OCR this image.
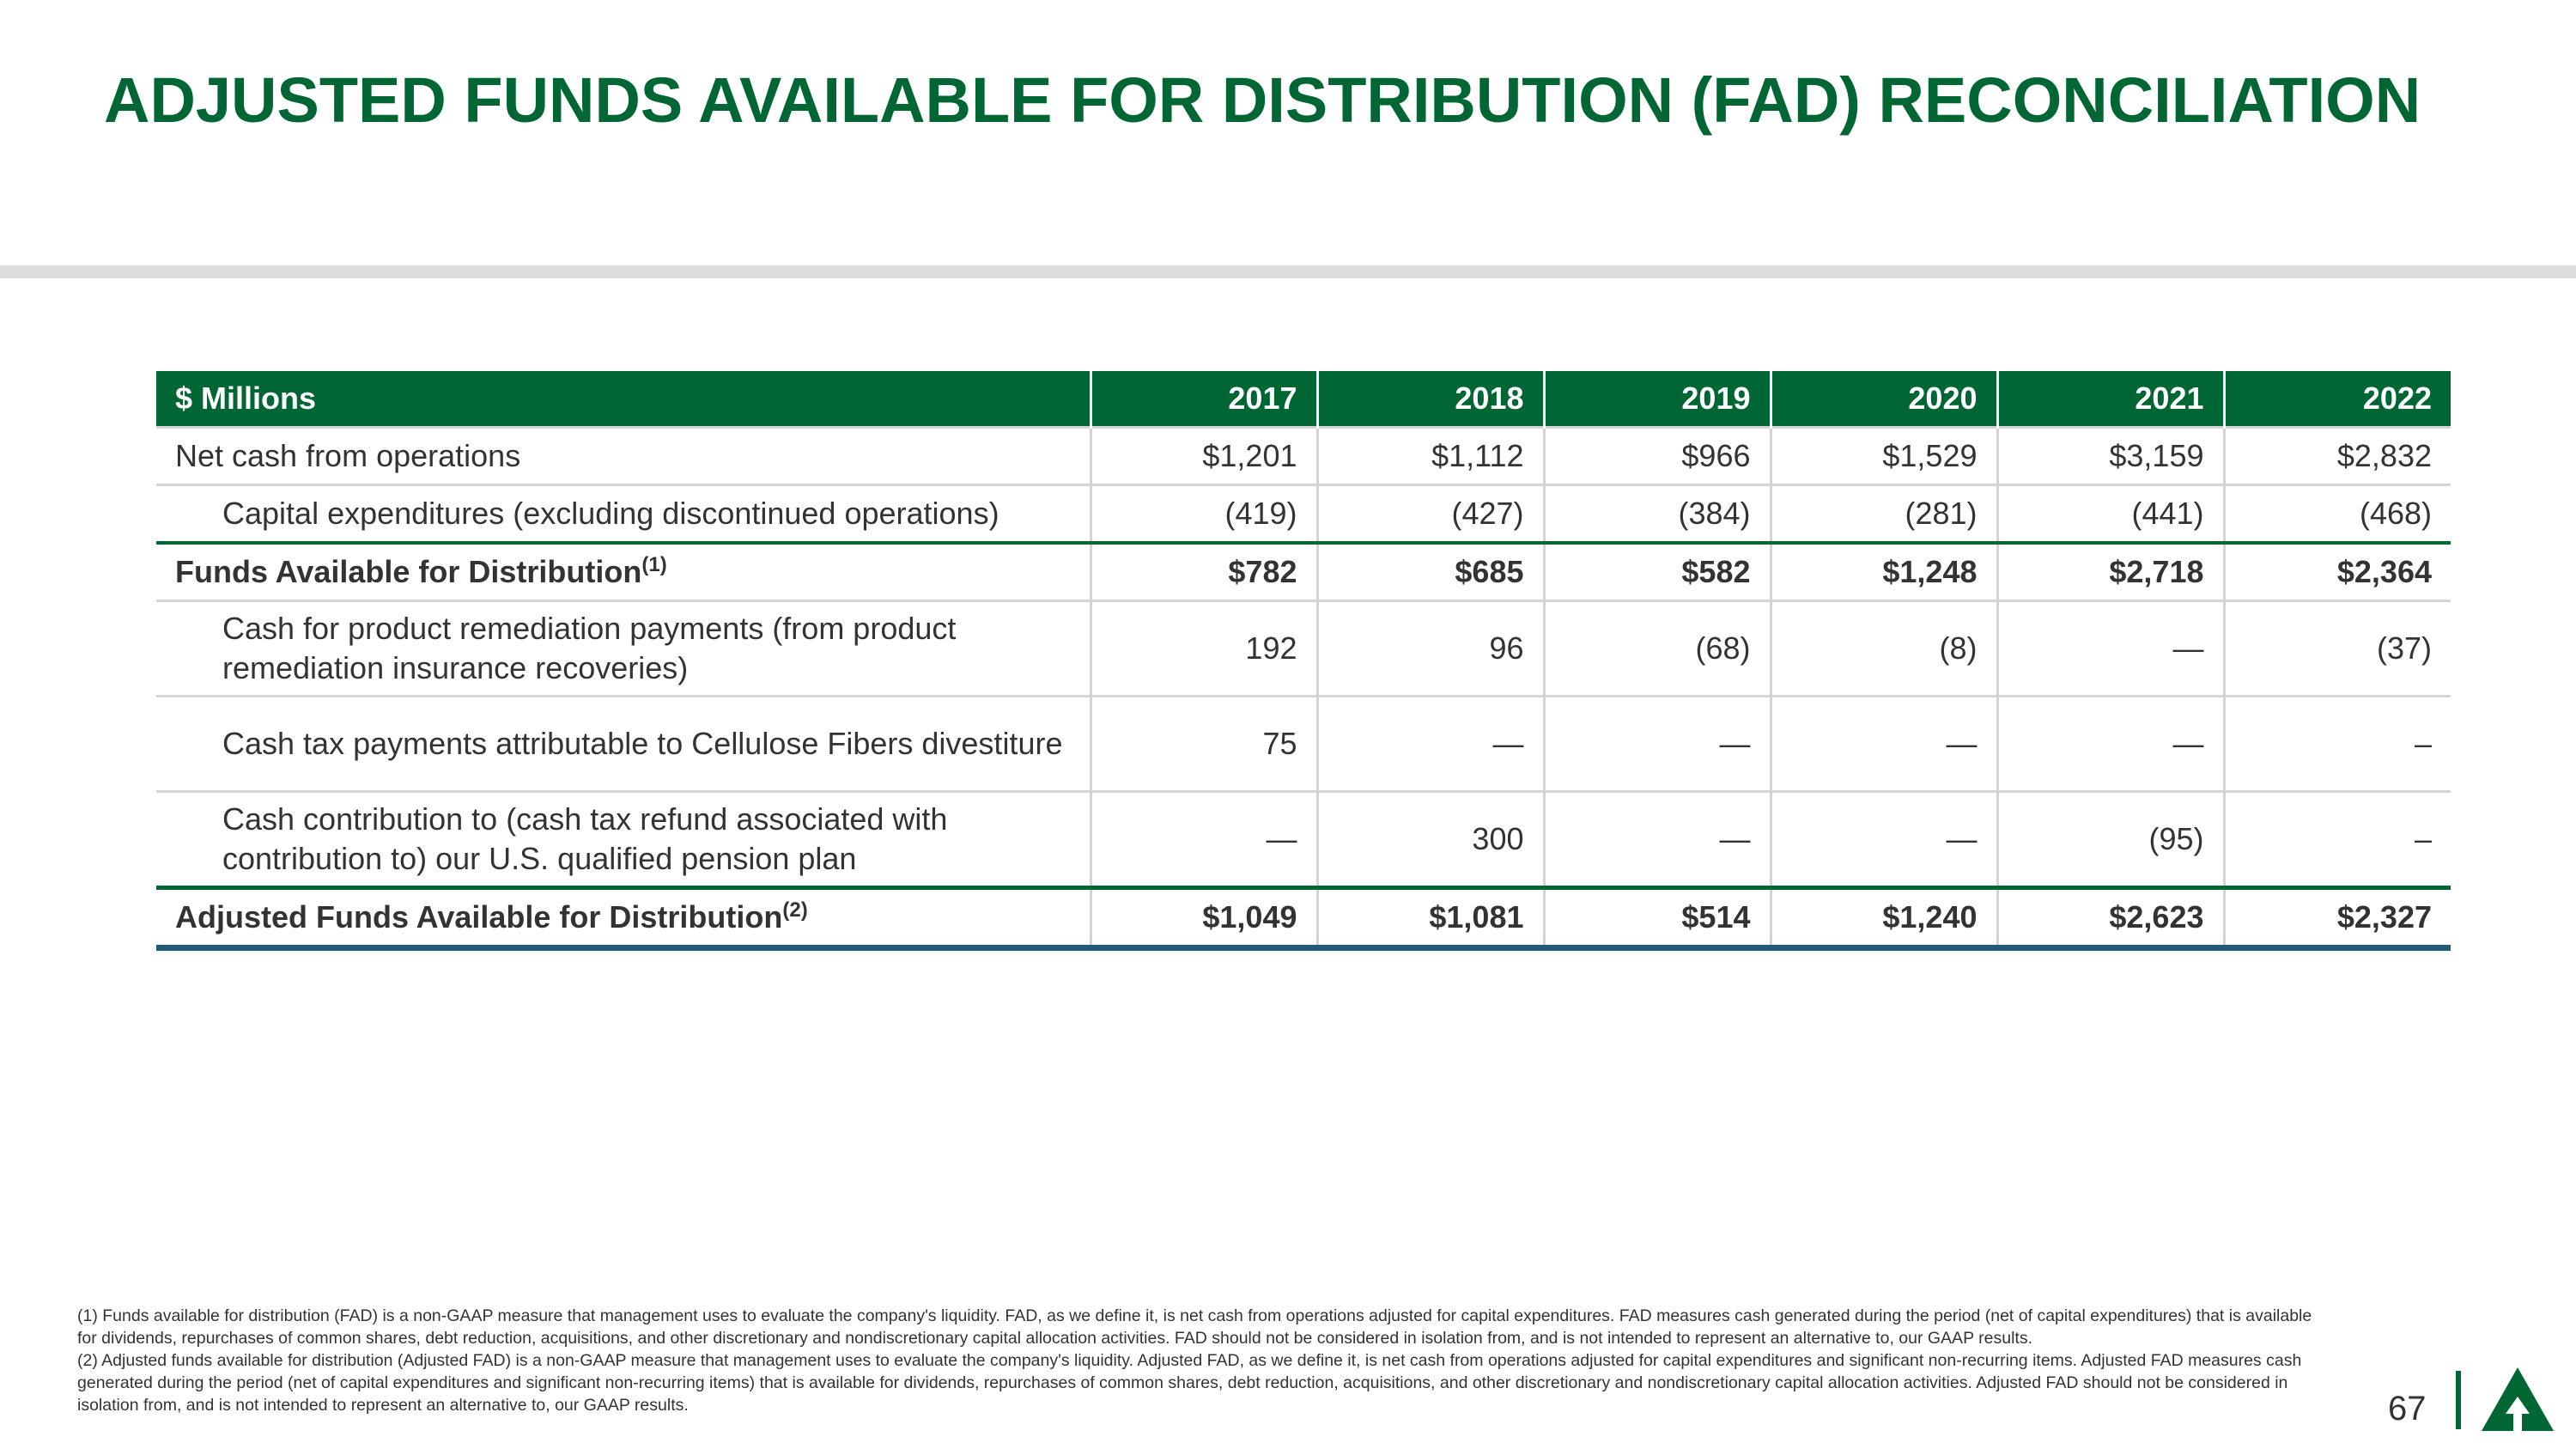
ADJUSTED FUNDS AVAILABLE FOR DISTRIBUTION (FAD) RECONCILIATION
$ Millions	2017	2018	2019	2020	2021	2022
Net cash from operations	$1,201	$1,112	$966	$1,529	$3,159	$2,832
Capital expenditures (excluding discontinued operations)	(419)	(427)	(384)	(281)	(441)	(468)
Funds Available for Distribution$^{(1)}$	$782	$685	$582	$1,248	$2,718	$2,364
Cash for product remediation payments (from product remediation insurance recoveries)	192	96	(68)	(8)	—	(37)
Cash tax payments attributable to Cellulose Fibers divestiture	75	—	—	—	—	–
Cash contribution to (cash tax refund associated with contribution to) our U.S. qualified pension plan	—	300	—	—	(95)	–
Adjusted Funds Available for Distribution$^{(2)}$	$1,049	$1,081	$514	$1,240	$2,623	$2,327

(1) Funds available for distribution (FAD) is a non-GAAP measure that management uses to evaluate the company's liquidity. FAD, as we define it, is net cash from operations adjusted for capital expenditures. FAD measures cash generated during the period (net of capital expenditures) that is available for dividends, repurchases of common shares, debt reduction, acquisitions, and other discretionary and nondiscretionary capital allocation activities. FAD should not be considered in isolation from, and is not intended to represent an alternative to, our GAAP results.

(2) Adjusted funds available for distribution (Adjusted FAD) is a non-GAAP measure that management uses to evaluate the company's liquidity. Adjusted FAD, as we define it, is net cash from operations adjusted for capital expenditures and significant non-recurring items. Adjusted FAD measures cash generated during the period (net of capital expenditures and significant non-recurring items) that is available for dividends, repurchases of common shares, debt reduction, acquisitions, and other discretionary and nondiscretionary capital allocation activities. Adjusted FAD should not be considered in isolation from, and is not intended to represent an alternative to, our GAAP results.	67
